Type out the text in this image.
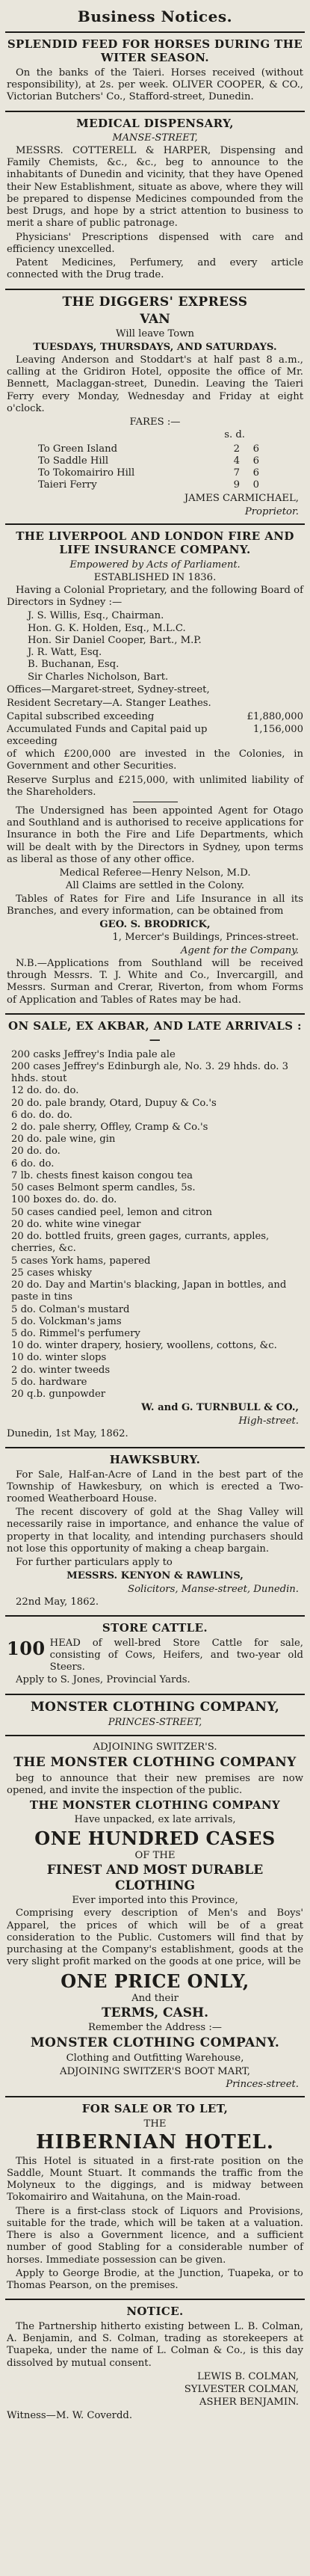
Business Notices.
SPLENDID FEED FOR HORSES DURING THE WITER SEASON.
On the banks of the Taieri. Horses received (without responsibility), at 2s. per week. OLIVER COOPER, & CO., Victorian Butchers' Co., Stafford-street, Dunedin.
MEDICAL DISPENSARY,
MANSE-STREET,
MESSRS. COTTERELL & HARPER, Dispensing and Family Chemists, &c., &c., beg to announce to the inhabitants of Dunedin and vicinity, that they have Opened their New Establishment, situate as above, where they will be prepared to dispense Medicines compounded from the best Drugs, and hope by a strict attention to business to merit a share of public patronage.
Physicians' Prescriptions dispensed with care and efficiency unexcelled.
Patent Medicines, Perfumery, and every article connected with the Drug trade.
THE DIGGERS' EXPRESS
VAN
Will leave Town
TUESDAYS, THURSDAYS, AND SATURDAYS.
Leaving Anderson and Stoddart's at half past 8 a.m., calling at the Gridiron Hotel, opposite the office of Mr. Bennett, Maclaggan-street, Dunedin. Leaving the Taieri Ferry every Monday, Wednesday and Friday at eight o'clock.
FARES :—
s. d.
To Green Island	2	6
To Saddle Hill	4	6
To Tokomairiro Hill	7	6
Taieri Ferry	9	0
JAMES CARMICHAEL,
Proprietor.
THE LIVERPOOL AND LONDON FIRE AND LIFE INSURANCE COMPANY.
Empowered by Acts of Parliament.
ESTABLISHED IN 1836.
Having a Colonial Proprietary, and the following Board of Directors in Sydney :—
J. S. Willis, Esq., Chairman.
Hon. G. K. Holden, Esq., M.L.C.
Hon. Sir Daniel Cooper, Bart., M.P.
J. R. Watt, Esq.
B. Buchanan, Esq.
Sir Charles Nicholson, Bart.
Offices—Margaret-street, Sydney-street,
Resident Secretary—A. Stanger Leathes.
Capital subscribed exceeding	£1,880,000
Accumulated Funds and Capital paid up exceeding
1,156,000
of which £200,000 are invested in the Colonies, in Government and other Securities.
Reserve Surplus and £215,000, with unlimited liability of the Shareholders.
The Undersigned has been appointed Agent for Otago and Southland and is authorised to receive applications for Insurance in both the Fire and Life Departments, which will be dealt with by the Directors in Sydney, upon terms as liberal as those of any other office.
Medical Referee—Henry Nelson, M.D.
All Claims are settled in the Colony.
Tables of Rates for Fire and Life Insurance in all its Branches, and every information, can be obtained from
GEO. S. BRODRICK,
1, Mercer's Buildings, Princes-street.
Agent for the Company.
N.B.—Applications from Southland will be received through Messrs. T. J. White and Co., Invercargill, and Messrs. Surman and Crerar, Riverton, from whom Forms of Application and Tables of Rates may be had.
ON SALE, EX AKBAR, AND LATE ARRIVALS :—
200 casks Jeffrey's India pale ale
200 cases Jeffrey's Edinburgh ale, No. 3. 29 hhds. do. 3 hhds. stout
12 do. do. do.
20 do. pale brandy, Otard, Dupuy & Co.'s
6 do. do. do.
2 do. pale sherry, Offley, Cramp & Co.'s
20 do. pale wine, gin
20 do. do.
6 do. do.
7 lb. chests finest kaison congou tea
50 cases Belmont sperm candles, 5s.
100 boxes do. do. do.
50 cases candied peel, lemon and citron
20 do. white wine vinegar
20 do. bottled fruits, green gages, currants, apples, cherries, &c.
5 cases York hams, papered
25 cases whisky
20 do. Day and Martin's blacking, Japan in bottles, and paste in tins
5 do. Colman's mustard
5 do. Volckman's jams
5 do. Rimmel's perfumery
10 do. winter drapery, hosiery, woollens, cottons, &c.
10 do. winter slops
2 do. winter tweeds
5 do. hardware
20 q.b. gunpowder
W. and G. TURNBULL & CO.,
High-street.
Dunedin, 1st May, 1862.
HAWKSBURY.
For Sale, Half-an-Acre of Land in the best part of the Township of Hawkesbury, on which is erected a Two-roomed Weatherboard House.
The recent discovery of gold at the Shag Valley will necessarily raise in importance, and enhance the value of property in that locality, and intending purchasers should not lose this opportunity of making a cheap bargain.
For further particulars apply to
MESSRS. KENYON & RAWLINS,
Solicitors, Manse-street, Dunedin.
22nd May, 1862.
STORE CATTLE.
100 HEAD of well-bred Store Cattle for sale, consisting of Cows, Heifers, and two-year old Steers.
Apply to S. Jones, Provincial Yards.
MONSTER CLOTHING COMPANY,
PRINCES-STREET,
ADJOINING SWITZER'S.
THE MONSTER CLOTHING COMPANY
beg to announce that their new premises are now opened, and invite the inspection of the public.
THE MONSTER CLOTHING COMPANY
Have unpacked, ex late arrivals,
ONE HUNDRED CASES
OF THE
FINEST AND MOST DURABLE CLOTHING
Ever imported into this Province,
Comprising every description of Men's and Boys' Apparel, the prices of which will be of a great consideration to the Public. Customers will find that by purchasing at the Company's establishment, goods at the very slight profit marked on the goods at one price, will be
ONE PRICE ONLY,
And their
TERMS, CASH.
Remember the Address :—
MONSTER CLOTHING COMPANY.
Clothing and Outfitting Warehouse,
ADJOINING SWITZER'S BOOT MART,
Princes-street.
FOR SALE OR TO LET,
THE
HIBERNIAN HOTEL.
This Hotel is situated in a first-rate position on the Saddle, Mount Stuart. It commands the traffic from the Molyneux to the diggings, and is midway between Tokomairiro and Waitahuna, on the Main-road.
There is a first-class stock of Liquors and Provisions, suitable for the trade, which will be taken at a valuation. There is also a Government licence, and a sufficient number of good Stabling for a considerable number of horses. Immediate possession can be given.
Apply to George Brodie, at the Junction, Tuapeka, or to Thomas Pearson, on the premises.
NOTICE.
The Partnership hitherto existing between L. B. Colman, A. Benjamin, and S. Colman, trading as storekeepers at Tuapeka, under the name of L. Colman & Co., is this day dissolved by mutual consent.
LEWIS B. COLMAN,
SYLVESTER COLMAN,
ASHER BENJAMIN.
Witness—M. W. Coverdd.
